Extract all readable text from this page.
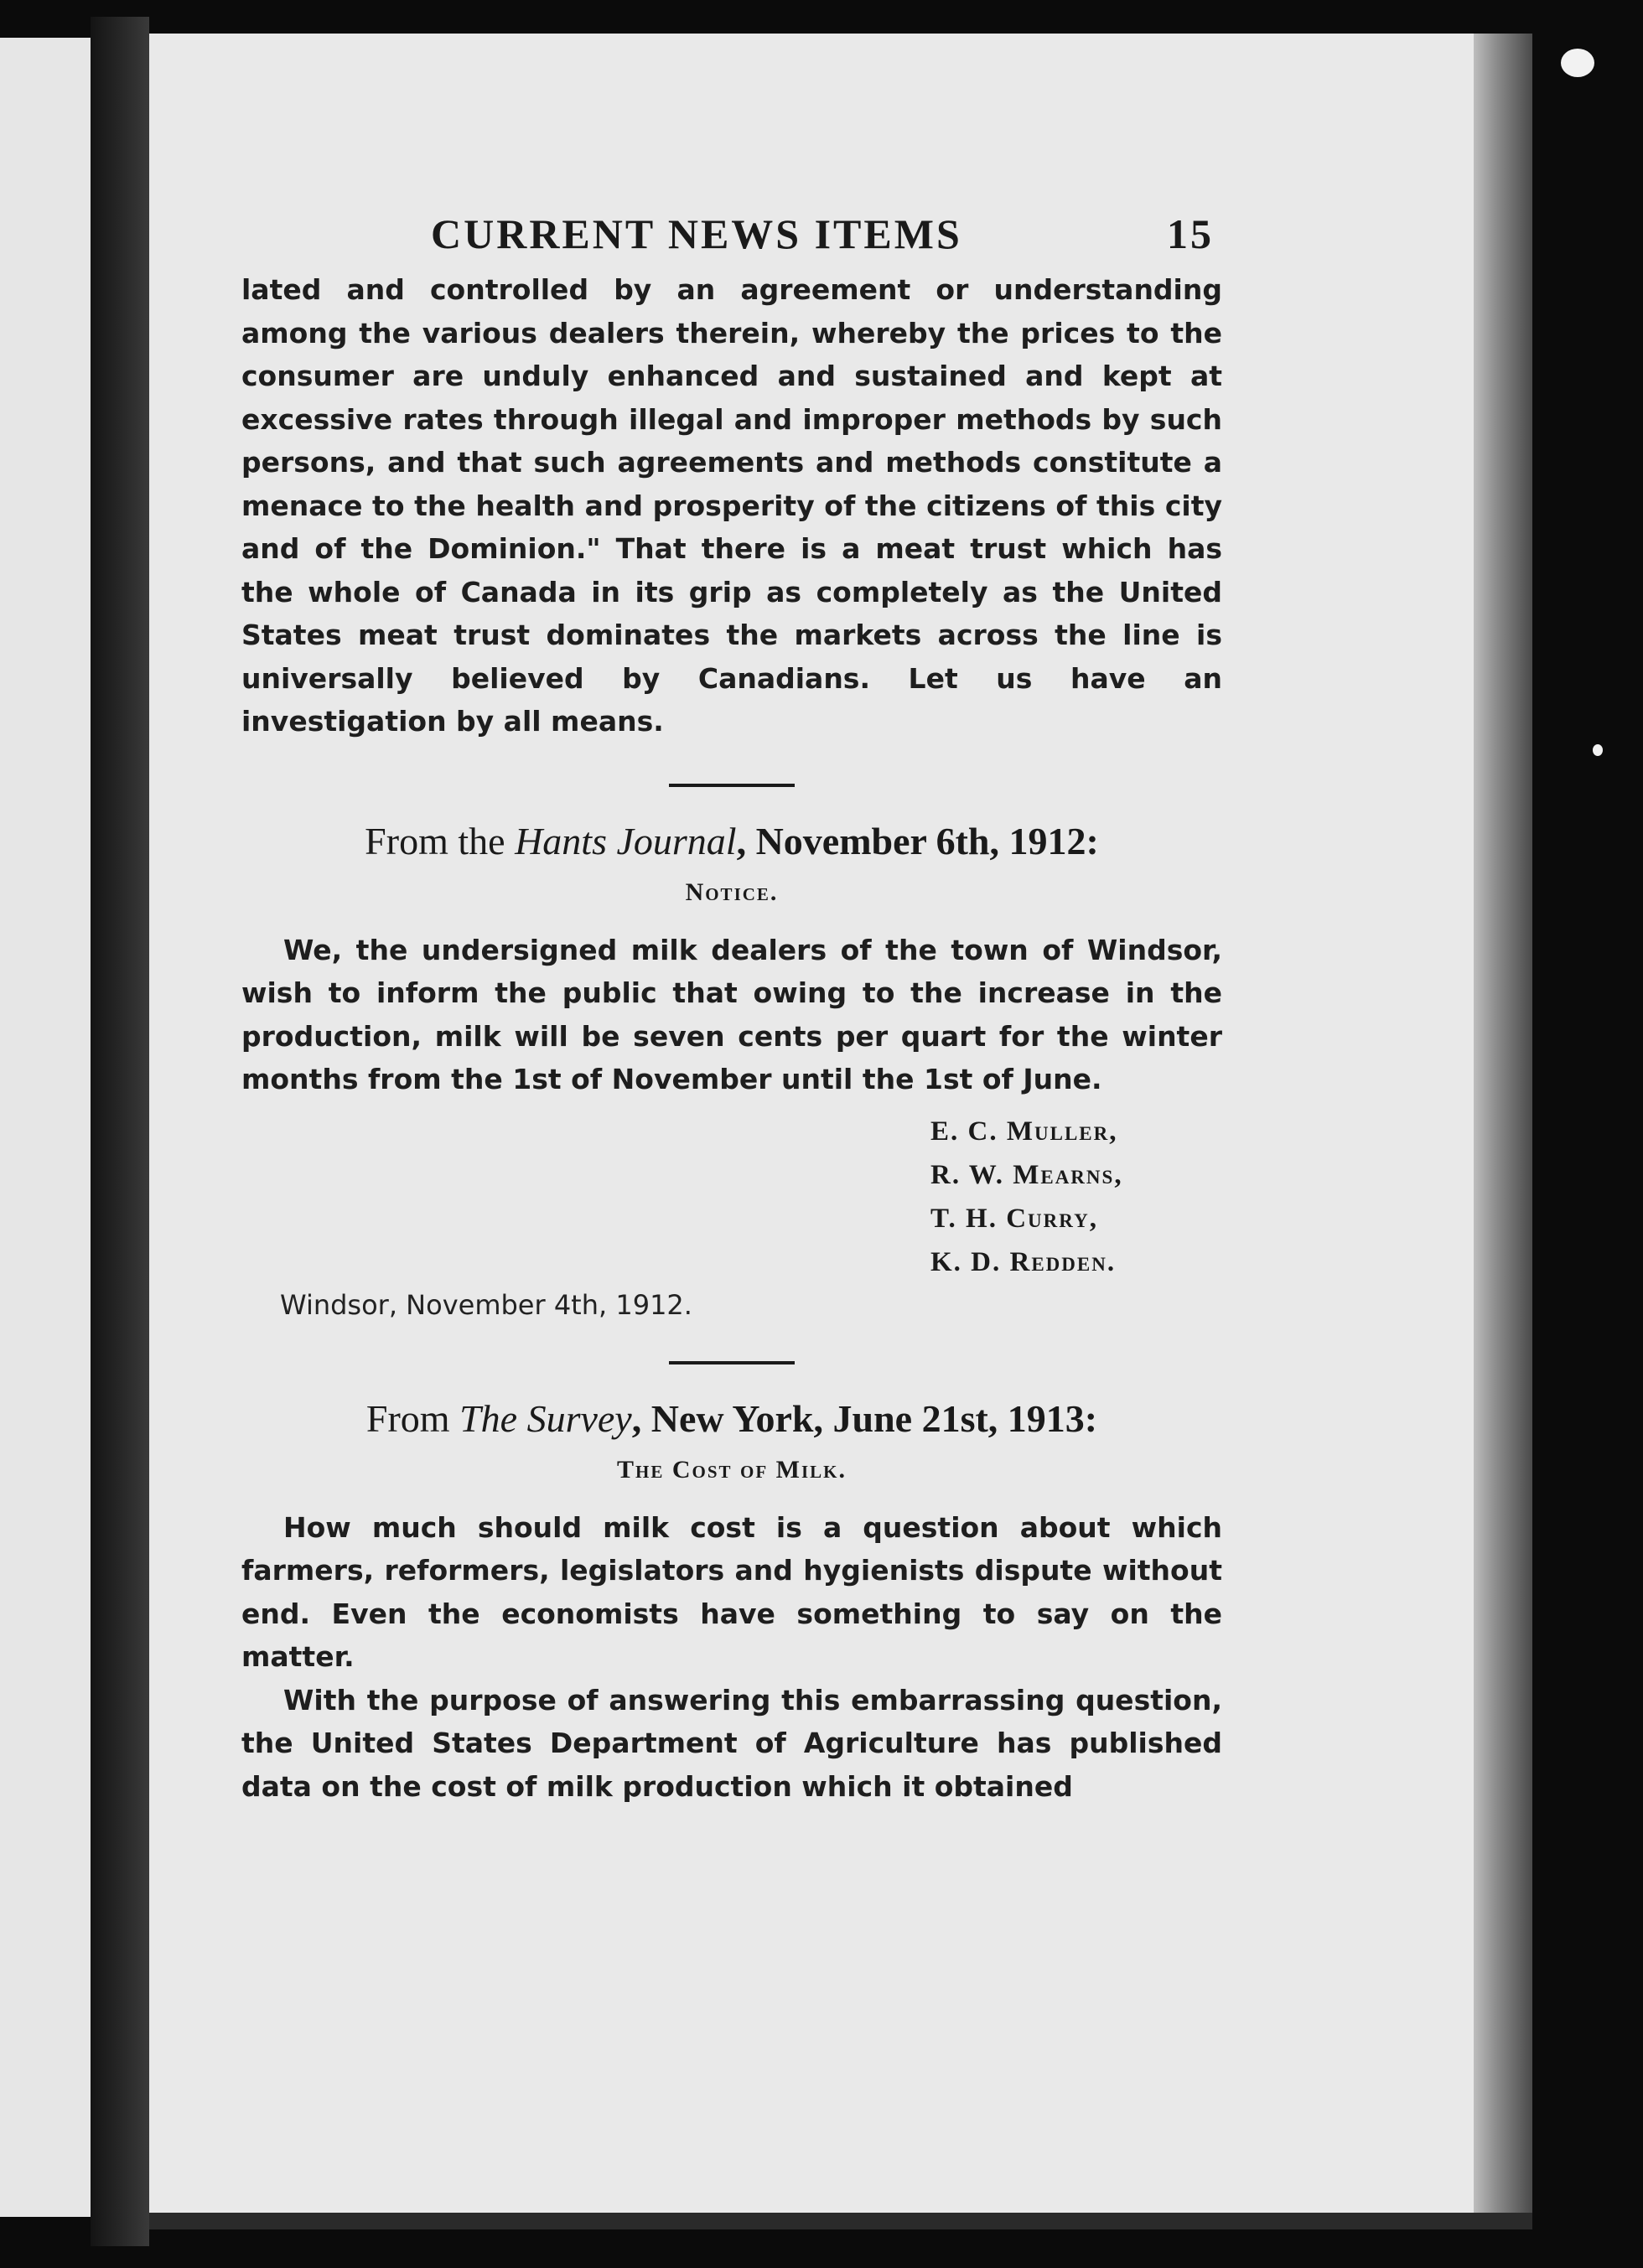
CURRENT NEWS ITEMS	15

lated and controlled by an agreement or understanding among the various dealers therein, whereby the prices to the consumer are unduly enhanced and sustained and kept at excessive rates through illegal and improper methods by such persons, and that such agreements and methods constitute a menace to the health and prosperity of the citizens of this city and of the Dominion." That there is a meat trust which has the whole of Canada in its grip as completely as the United States meat trust dominates the markets across the line is universally believed by Canadians. Let us have an investigation by all means.

From the Hants Journal, November 6th, 1912:

Notice.

We, the undersigned milk dealers of the town of Windsor, wish to inform the public that owing to the increase in the production, milk will be seven cents per quart for the winter months from the 1st of November until the 1st of June.

E. C. Muller,
R. W. Mearns,
T. H. Curry,
K. D. Redden.

Windsor, November 4th, 1912.

From The Survey, New York, June 21st, 1913:

The Cost of Milk.

How much should milk cost is a question about which farmers, reformers, legislators and hygienists dispute without end. Even the economists have something to say on the matter.

With the purpose of answering this embarrassing question, the United States Department of Agriculture has published data on the cost of milk production which it obtained
